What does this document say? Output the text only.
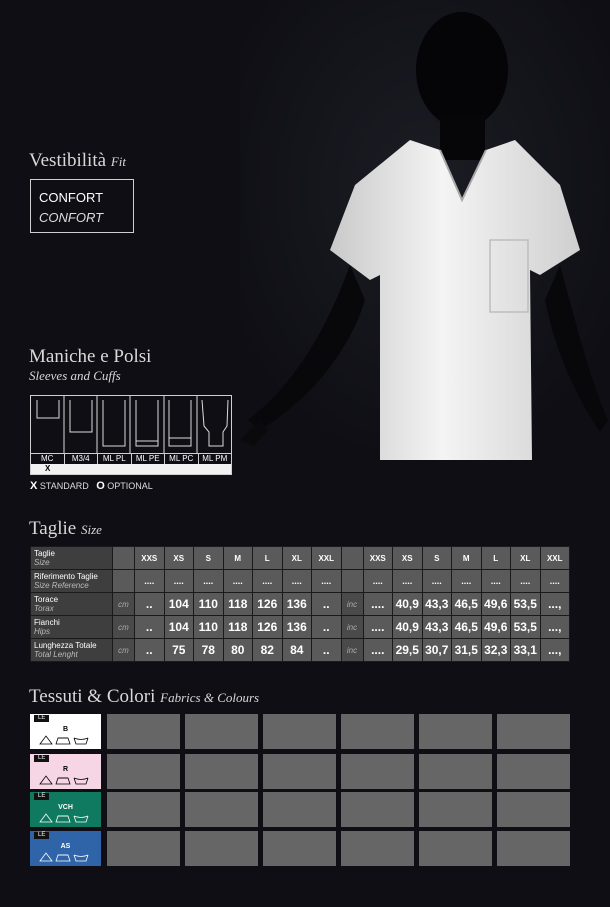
Vestibilità Fit
CONFORT
CONFORT
Maniche e Polsi
Sleeves and Cuffs
MC	M3/4	ML PL	ML PE	ML PC	ML PM
X
X STANDARD O OPTIONAL
Taglie Size
Taglie
Size		XXS	XS	S	M	L	XL	XXL		XXS	XS	S	M	L	XL	XXL
Riferimento Taglie
Size Reference		....	....	....	....	....	....	....		....	....	....	....	....	....	....
Torace
Torax	cm	..	104	110	118	126	136	..	inc	....	40,9	43,3	46,5	49,6	53,5	...,
Fianchi
Hips	cm	..	104	110	118	126	136	..	inc	....	40,9	43,3	46,5	49,6	53,5	...,
Lunghezza Totale
Total Lenght	cm	..	75	78	80	82	84	..	inc	....	29,5	30,7	31,5	32,3	33,1	...,
Tessuti & Colori Fabrics & Colours
LE
B
LE
R
LE
VCH
LE
AS
